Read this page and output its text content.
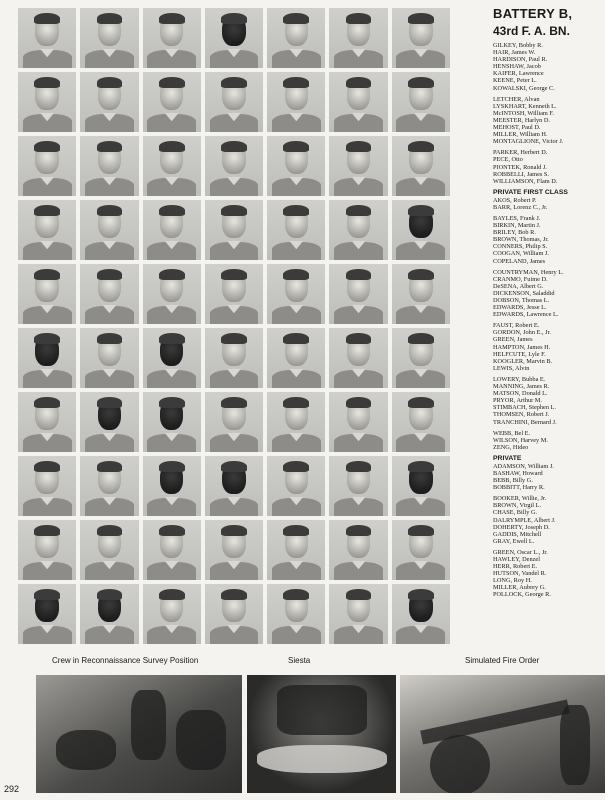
BATTERY B,
43rd F. A. BN.
GILKEY, Bobby R.
HAIR, James W.
HARDISON, Paul R.
HENSHAW, Jacob
KAIFER, Lawrence
KEENE, Peter L.
KOWALSKI, George C.
LETCHER, Alvan
LYSKHART, Kenneth L.
McINTOSH, William F.
MEESTER, Harlyn D.
MEHOST, Paul D.
MILLER, William H.
MONTAGLIONE, Victor J.
PARKER, Herbert D.
PECE, Otto
PIONTEK, Ronald J.
ROBBELLI, James S.
WILLIAMSON, Flam D.
PRIVATE FIRST CLASS
AKOS, Robert P.
BARR, Lorenz C., Jr.
BAYLES, Frank J.
BIRKIN, Martin J.
BRILEY, Bob R.
BROWN, Thomas, Jr.
CONNERS, Philip S.
COOGAN, William J.
COPELAND, James
COUNTRYMAN, Henry L.
CRANMO, Fuime D.
DeSENA, Albert G.
DICKENSON, Saladdid
DOBSON, Thomas L.
EDWARDS, Jesse L.
EDWARDS, Lawrence L.
FAUST, Robert E.
GORDON, John E., Jr.
GREEN, James
HAMPTON, James H.
HELFCUTE, Lyle F.
KOOGLER, Marvin B.
LEWIS, Alvin
LOWERY, Bubba E.
MANNING, James R.
MATSON, Donald L.
PRYOR, Arthur M.
STIMBACH, Stephen L.
THOMSEN, Robert J.
TRANCHINI, Bernard J.
WEBB, Bel E.
WILSON, Harvey M.
ZENG, Hideo
PRIVATE
ADAMSON, William J.
BASHAW, Howard
BEBB, Billy G.
BOBBITT, Harry R.
BOOKER, Willie, Jr.
BROWN, Virgil L.
CHASE, Billy G.
DALRYMPLE, Albert J.
DOHERTY, Joseph D.
GADDIS, Mitchell
GRAY, Ewell L.
GREEN, Oscar L., Jr.
HAWLEY, Denzel
HERR, Robert E.
HUTSON, Vandel R.
LONG, Roy H.
MILLER, Aubrey G.
POLLOCK, George R.
Crew in Reconnaissance Survey Position	Siesta	Simulated Fire Order
292
